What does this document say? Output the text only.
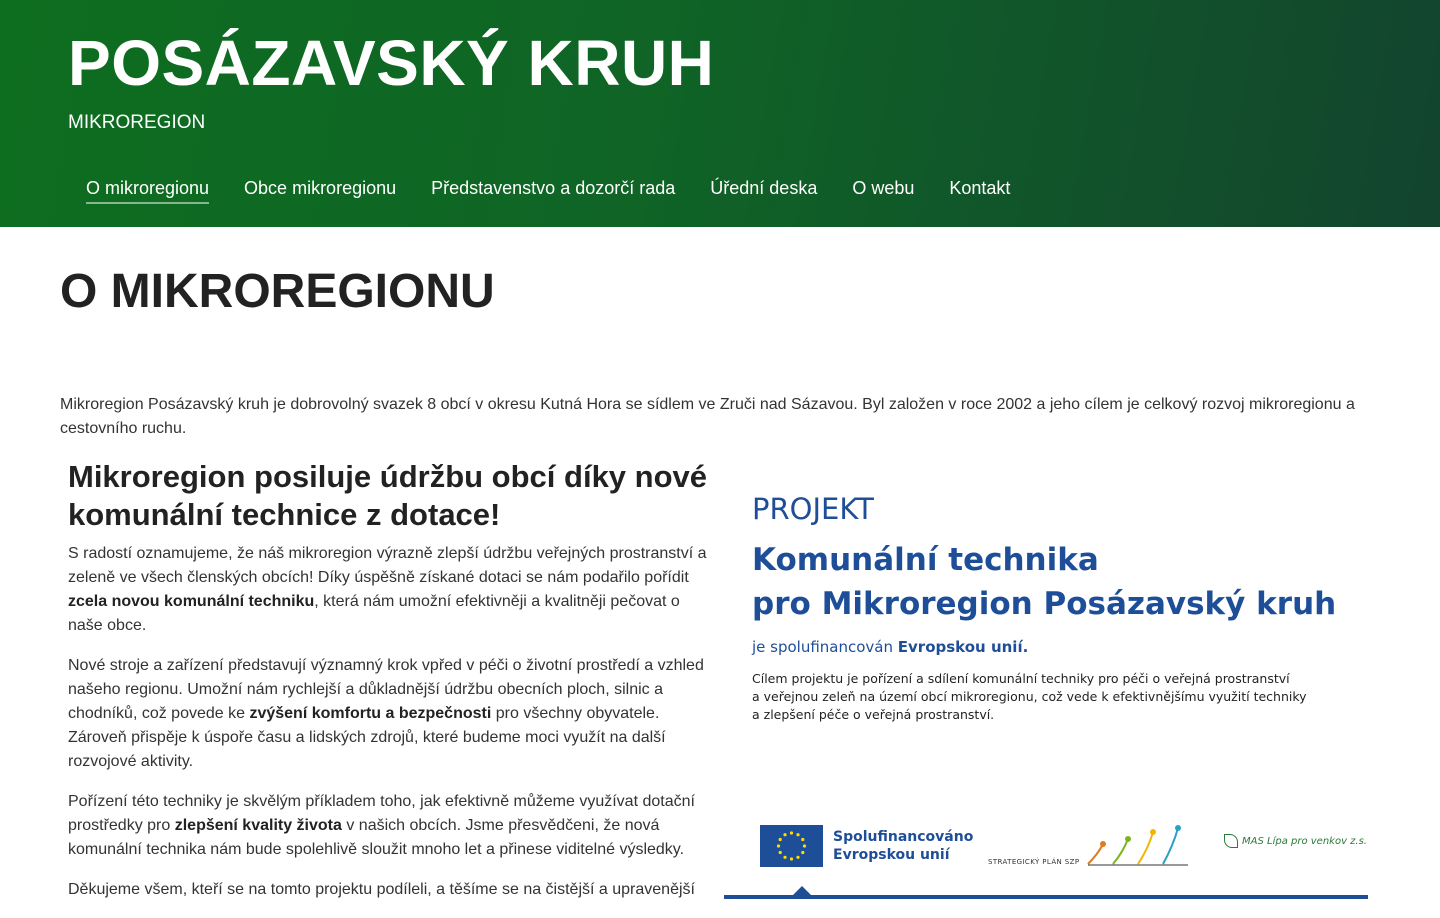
POSÁZAVSKÝ KRUH
MIKROREGION
O mikroregionu Obce mikroregionu Představenstvo a dozorčí rada Úřední deska O webu Kontakt
O MIKROREGIONU

Mikroregion Posázavský kruh je dobrovolný svazek 8 obcí v okresu Kutná Hora se sídlem ve Zruči nad Sázavou. Byl založen v roce 2002 a jeho cílem je celkový rozvoj mikroregionu a cestovního ruchu.

Mikroregion posiluje údržbu obcí díky nové komunální technice z dotace!

S radostí oznamujeme, že náš mikroregion výrazně zlepší údržbu veřejných prostranství a zeleně ve všech členských obcích! Díky úspěšně získané dotaci se nám podařilo pořídit zcela novou komunální techniku, která nám umožní efektivněji a kvalitněji pečovat o naše obce.

Nové stroje a zařízení představují významný krok vpřed v péči o životní prostředí a vzhled našeho regionu. Umožní nám rychlejší a důkladnější údržbu obecních ploch, silnic a chodníků, což povede ke zvýšení komfortu a bezpečnosti pro všechny obyvatele. Zároveň přispěje k úspoře času a lidských zdrojů, které budeme moci využít na další rozvojové aktivity.

Pořízení této techniky je skvělým příkladem toho, jak efektivně můžeme využívat dotační prostředky pro zlepšení kvality života v našich obcích. Jsme přesvědčeni, že nová komunální technika nám bude spolehlivě sloužit mnoho let a přinese viditelné výsledky.

Děkujeme všem, kteří se na tomto projektu podíleli, a těšíme se na čistější a upravenější

PROJEKT
Komunální technika
pro Mikroregion Posázavský kruh
je spolufinancován Evropskou unií.
Cílem projektu je pořízení a sdílení komunální techniky pro péči o veřejná prostranství
a veřejnou zeleň na území obcí mikroregionu, což vede k efektivnějšímu využití techniky
a zlepšení péče o veřejná prostranství.
Spolufinancováno
Evropskou unií	STRATEGICKÝ PLÁN SZP
MAS Lípa pro venkov z.s.
